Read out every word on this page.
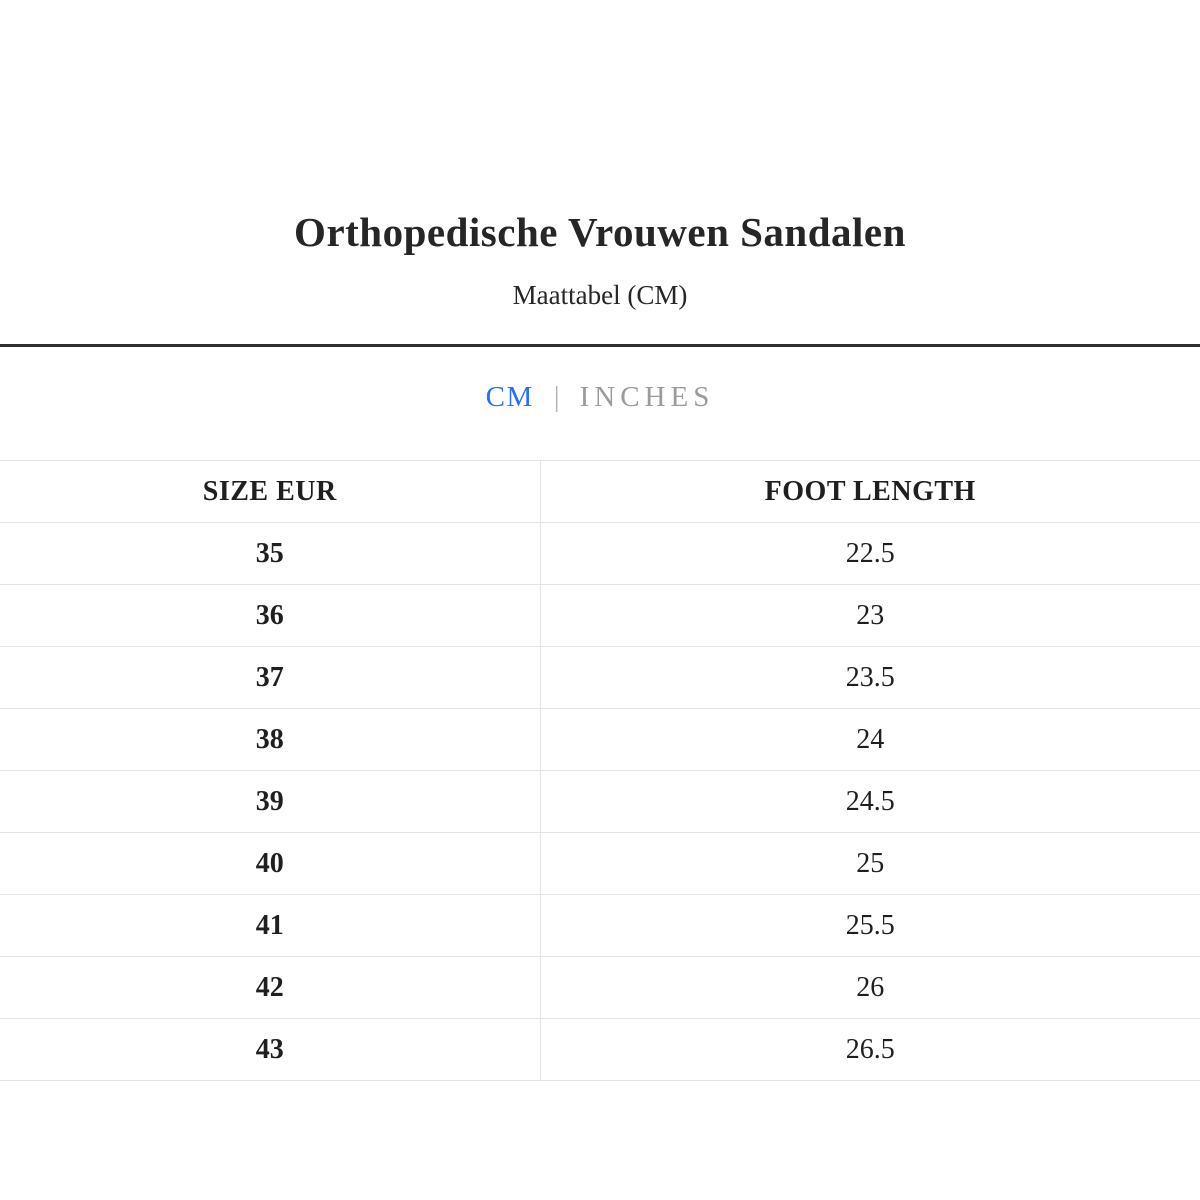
Orthopedische Vrouwen Sandalen
Maattabel (CM)
CM | INCHES
SIZE EUR	FOOT LENGTH
35	22.5
36	23
37	23.5
38	24
39	24.5
40	25
41	25.5
42	26
43	26.5
